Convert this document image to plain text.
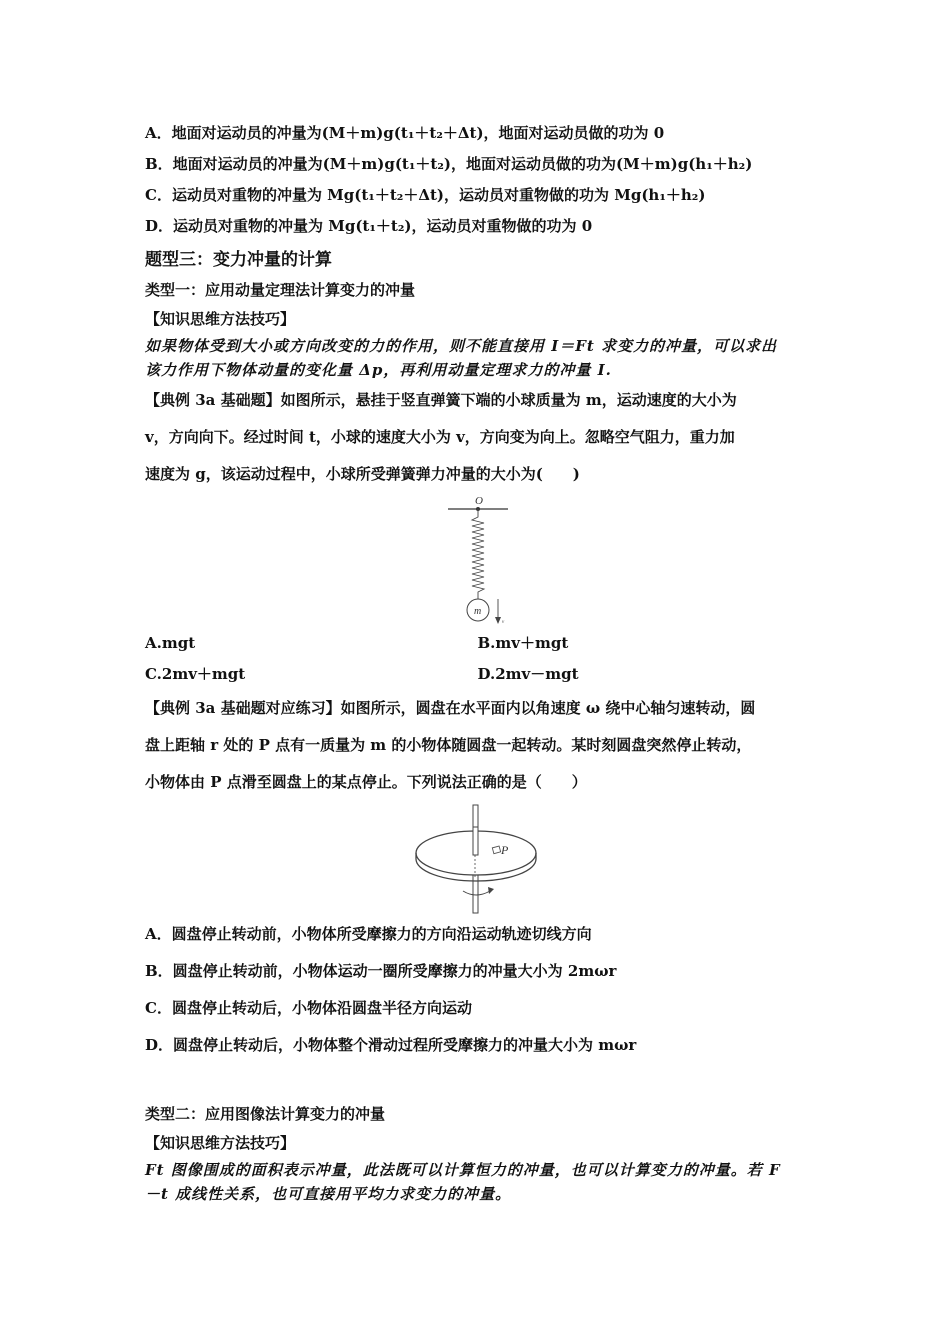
A．地面对运动员的冲量为(M＋m)g(t₁＋t₂＋Δt)，地面对运动员做的功为 0
B．地面对运动员的冲量为(M＋m)g(t₁＋t₂)，地面对运动员做的功为(M＋m)g(h₁＋h₂)
C．运动员对重物的冲量为 Mg(t₁＋t₂＋Δt)，运动员对重物做的功为 Mg(h₁＋h₂)
D．运动员对重物的冲量为 Mg(t₁＋t₂)，运动员对重物做的功为 0
题型三：变力冲量的计算
类型一：应用动量定理法计算变力的冲量
【知识思维方法技巧】
如果物体受到大小或方向改变的力的作用，则不能直接用 I＝Ft 求变力的冲量，可以求出
该力作用下物体动量的变化量 Δp，再利用动量定理求力的冲量 I.
【典例 3a 基础题】如图所示，悬挂于竖直弹簧下端的小球质量为 m，运动速度的大小为
v，方向向下。经过时间 t，小球的速度大小为 v，方向变为向上。忽略空气阻力，重力加
速度为 g，该运动过程中，小球所受弹簧弹力冲量的大小为(　　)
O
m
v
A.mgt	B.mv＋mgt
C.2mv＋mgt	D.2mv－mgt
【典例 3a 基础题对应练习】如图所示，圆盘在水平面内以角速度 ω 绕中心轴匀速转动，圆
盘上距轴 r 处的 P 点有一质量为 m 的小物体随圆盘一起转动。某时刻圆盘突然停止转动，
小物体由 P 点滑至圆盘上的某点停止。下列说法正确的是（　　）
P
A．圆盘停止转动前，小物体所受摩擦力的方向沿运动轨迹切线方向
B．圆盘停止转动前，小物体运动一圈所受摩擦力的冲量大小为 2mωr
C．圆盘停止转动后，小物体沿圆盘半径方向运动
D．圆盘停止转动后，小物体整个滑动过程所受摩擦力的冲量大小为 mωr
类型二：应用图像法计算变力的冲量
【知识思维方法技巧】
Ft 图像围成的面积表示冲量，此法既可以计算恒力的冲量，也可以计算变力的冲量。若 F
－t 成线性关系，也可直接用平均力求变力的冲量。
